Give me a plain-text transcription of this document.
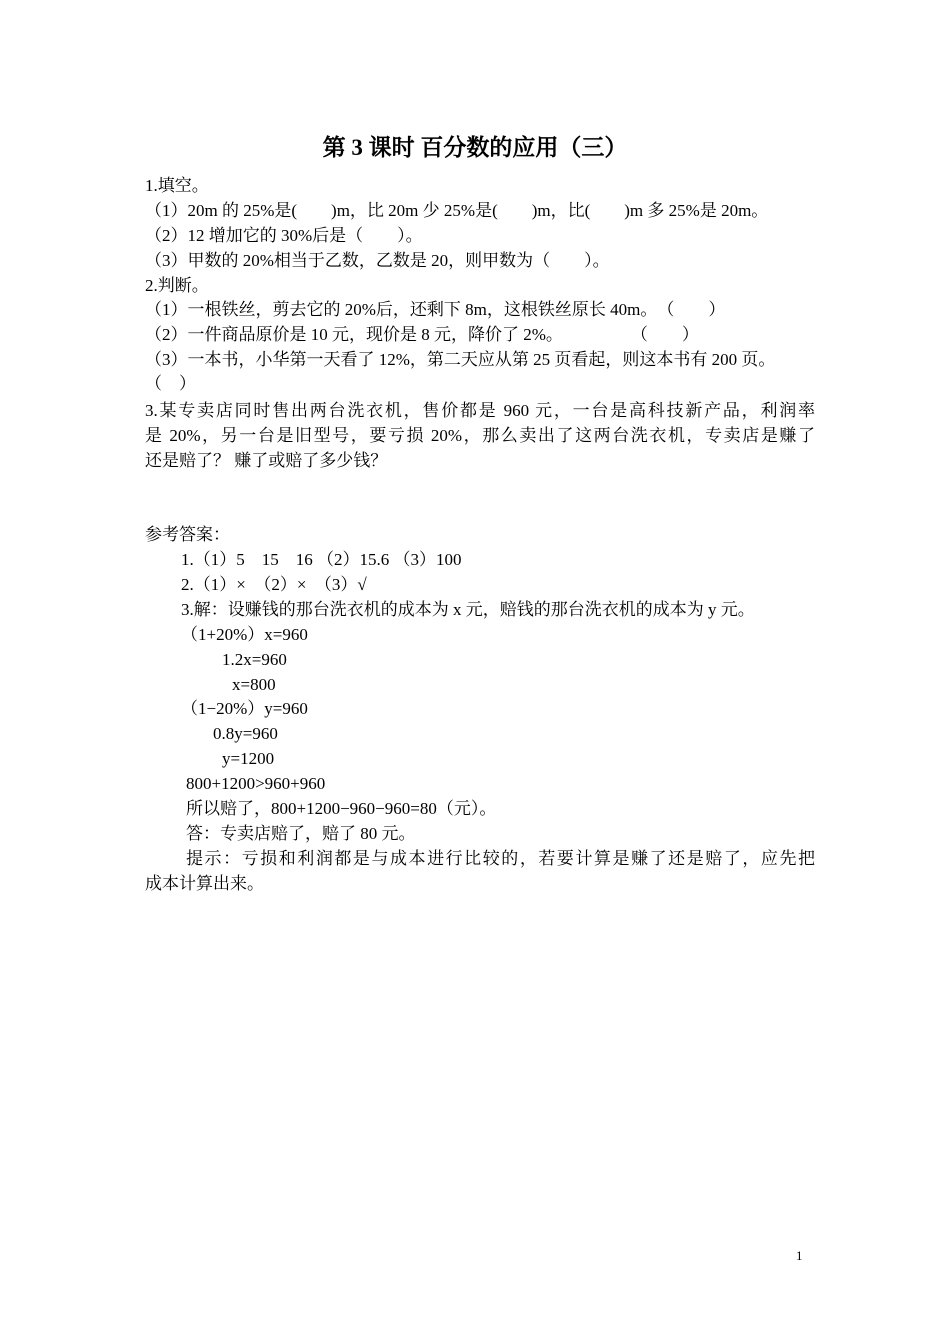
第 3 课时 百分数的应用（三）
1.填空。
（1）20m 的 25%是(　　)m，比 20m 少 25%是(　　)m，比(　　)m 多 25%是 20m。
（2）12 增加它的 30%后是（　　）。
（3）甲数的 20%相当于乙数，乙数是 20，则甲数为（　　）。
2.判断。
（1）一根铁丝，剪去它的 20%后，还剩下 8m，这根铁丝原长 40m。　（　　）
（2）一件商品原价是 10 元，现价是 8 元，降价了 2%。　　　　　（　　）
（3）一本书，小华第一天看了 12%，第二天应从第 25 页看起，则这本书有 200 页。
（　）
3.某专卖店同时售出两台洗衣机，售价都是 960 元，一台是高科技新产品，利润率
是 20%，另一台是旧型号，要亏损 20%，那么卖出了这两台洗衣机，专卖店是赚了
还是赔了？ 赚了或赔了多少钱？
参考答案：
1.（1）5　15　16 （2）15.6 （3）100
2.（1）×　（2）×　（3）√
3.解：设赚钱的那台洗衣机的成本为 x 元，赔钱的那台洗衣机的成本为 y 元。
（1+20%）x=960
1.2x=960
x=800
（1−20%）y=960
0.8y=960
y=1200
800+1200>960+960
所以赔了，800+1200−960−960=80（元）。
答：专卖店赔了，赔了 80 元。
提示：亏损和利润都是与成本进行比较的，若要计算是赚了还是赔了，应先把
成本计算出来。
1
